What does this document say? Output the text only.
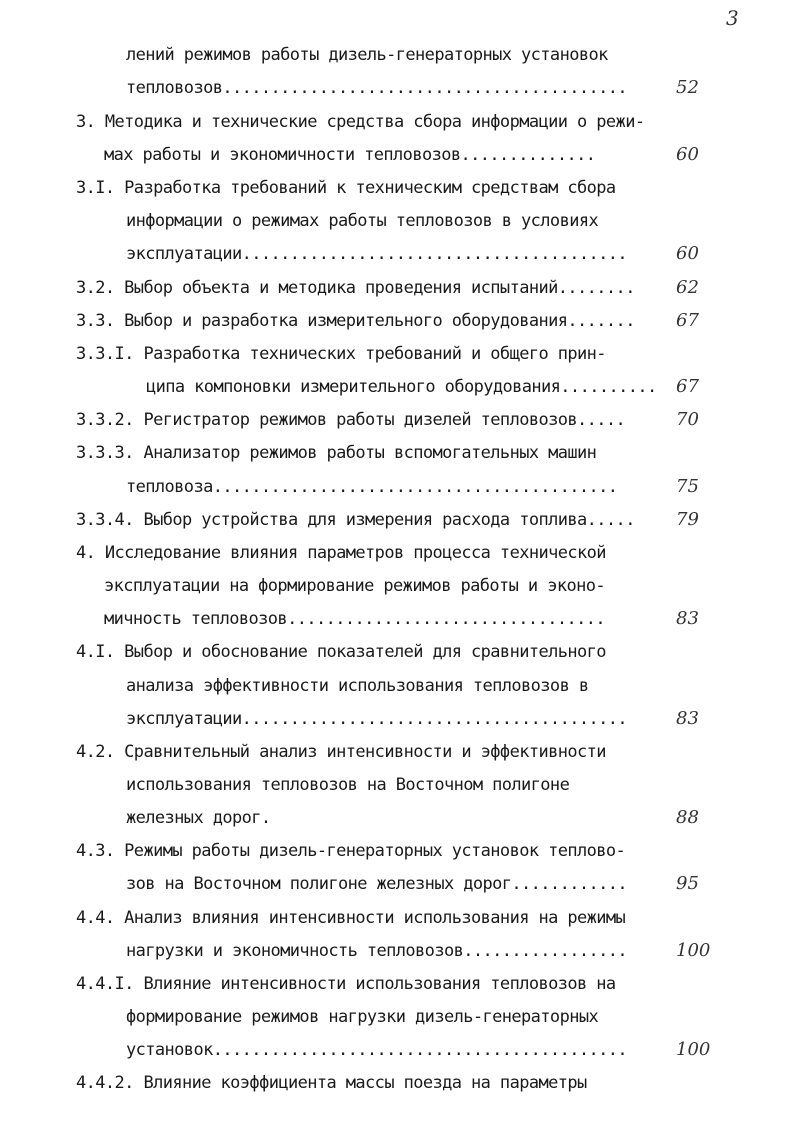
3
лений режимов работы дизель-генераторных установок
тепловозов..........................................	52
3. Методика и технические средства сбора информации о режи-
мах работы и экономичности тепловозов..............	60
3.I. Разработка требований к техническим средствам сбора
информации о режимах работы тепловозов в условиях
эксплуатации........................................	60
3.2. Выбор объекта и методика проведения испытаний........ 62
3.3. Выбор и разработка измерительного оборудования....... 67
3.3.I. Разработка технических требований и общего прин-
ципа компоновки измерительного оборудования.......... 67
3.3.2. Регистратор режимов работы дизелей тепловозов.....	70
3.3.3. Анализатор режимов работы вспомогательных машин
тепловоза..........................................	75
3.3.4. Выбор устройства для измерения расхода топлива..... 79
4. Исследование влияния параметров процесса технической
эксплуатации на формирование режимов работы и эконо-
мичность тепловозов.................................	83
4.I. Выбор и обоснование показателей для сравнительного
анализа эффективности использования тепловозов в
эксплуатации........................................	83
4.2. Сравнительный анализ интенсивности и эффективности
использования тепловозов на Восточном полигоне
железных дорог.	88
4.3. Режимы работы дизель-генераторных установок теплово-
зов на Восточном полигоне железных дорог............	95
4.4. Анализ влияния интенсивности использования на режимы
нагрузки и экономичность тепловозов.................	100
4.4.I. Влияние интенсивности использования тепловозов на
формирование режимов нагрузки дизель-генераторных
установок...........................................	100
4.4.2. Влияние коэффициента массы поезда на параметры
